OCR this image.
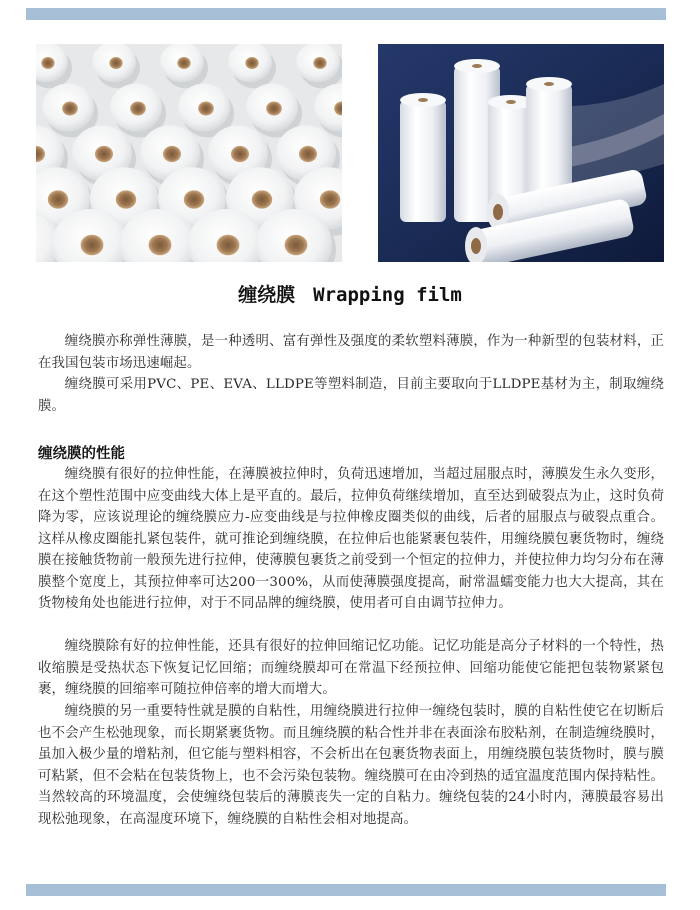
缠绕膜 Wrapping film

缠绕膜亦称弹性薄膜，是一种透明、富有弹性及强度的柔软塑料薄膜，作为一种新型的包装材料，正在我国包装市场迅速崛起。

缠绕膜可采用PVC、PE、EVA、LLDPE等塑料制造，目前主要取向于LLDPE基材为主，制取缠绕膜。

缠绕膜的性能

缠绕膜有很好的拉伸性能，在薄膜被拉伸时，负荷迅速增加，当超过屈服点时，薄膜发生永久变形，在这个塑性范围中应变曲线大体上是平直的。最后，拉伸负荷继续增加，直至达到破裂点为止，这时负荷降为零，应该说理论的缠绕膜应力-应变曲线是与拉伸橡皮圈类似的曲线，后者的屈服点与破裂点重合。这样从橡皮圈能扎紧包装件，就可推论到缠绕膜，在拉伸后也能紧裹包装件，用缠绕膜包裹货物时，缠绕膜在接触货物前一般预先进行拉伸，使薄膜包裹货之前受到一个恒定的拉伸力，并使拉伸力均匀分布在薄膜整个宽度上，其预拉伸率可达200一300%，从而使薄膜强度提高，耐常温蠕变能力也大大提高，其在货物棱角处也能进行拉伸，对于不同品牌的缠绕膜，使用者可自由调节拉伸力。

缠绕膜除有好的拉伸性能，还具有很好的拉伸回缩记忆功能。记忆功能是高分子材料的一个特性，热收缩膜是受热状态下恢复记忆回缩；而缠绕膜却可在常温下经预拉伸、回缩功能使它能把包装物紧紧包裹，缠绕膜的回缩率可随拉伸倍率的增大而增大。

缠绕膜的另一重要特性就是膜的自粘性，用缠绕膜进行拉伸一缠绕包装时，膜的自粘性使它在切断后也不会产生松弛现象，而长期紧裹货物。而且缠绕膜的粘合性并非在表面涂布胶粘剂，在制造缠绕膜时，虽加入极少量的增粘剂，但它能与塑料相容，不会析出在包裹货物表面上，用缠绕膜包装货物时，膜与膜可粘紧，但不会粘在包装货物上，也不会污染包装物。缠绕膜可在由冷到热的适宜温度范围内保持粘性。当然较高的环境温度，会使缠绕包装后的薄膜丧失一定的自粘力。缠绕包装的24小时内，薄膜最容易出现松弛现象，在高湿度环境下，缠绕膜的自粘性会相对地提高。
